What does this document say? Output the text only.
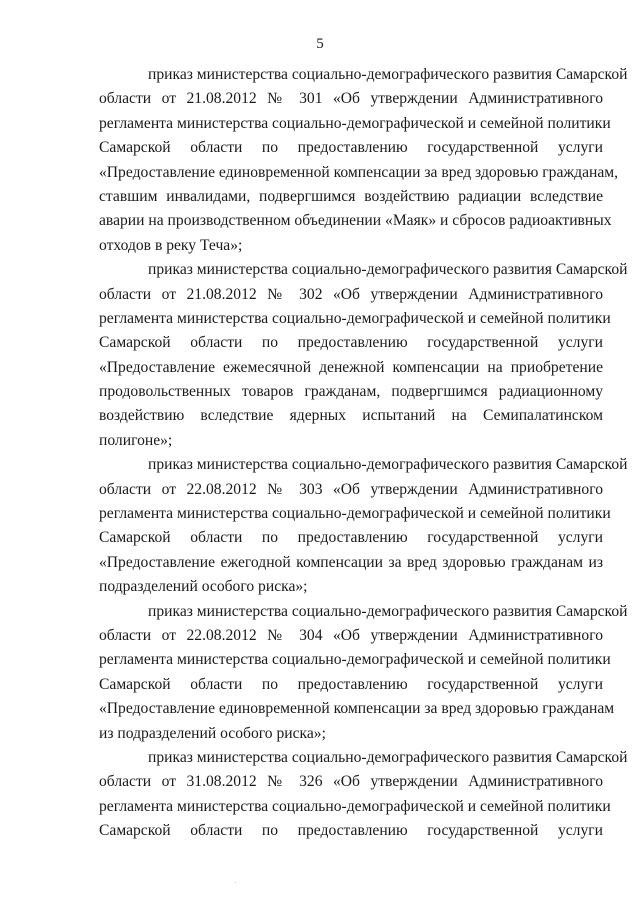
5

приказ министерства социально-демографического развития Самарской
области от 21.08.2012 № 301 «Об утверждении Административного
регламента министерства социально-демографической и семейной политики
Самарской области по предоставлению государственной услуги
«Предоставление единовременной компенсации за вред здоровью гражданам,
ставшим инвалидами, подвергшимся воздействию радиации вследствие
аварии на производственном объединении «Маяк» и сбросов радиоактивных
отходов в реку Теча»;

приказ министерства социально-демографического развития Самарской
области от 21.08.2012 № 302 «Об утверждении Административного
регламента министерства социально-демографической и семейной политики
Самарской области по предоставлению государственной услуги
«Предоставление ежемесячной денежной компенсации на приобретение
продовольственных товаров гражданам, подвергшимся радиационному
воздействию вследствие ядерных испытаний на Семипалатинском
полигоне»;

приказ министерства социально-демографического развития Самарской
области от 22.08.2012 № 303 «Об утверждении Административного
регламента министерства социально-демографической и семейной политики
Самарской области по предоставлению государственной услуги
«Предоставление ежегодной компенсации за вред здоровью гражданам из
подразделений особого риска»;

приказ министерства социально-демографического развития Самарской
области от 22.08.2012 № 304 «Об утверждении Административного
регламента министерства социально-демографической и семейной политики
Самарской области по предоставлению государственной услуги
«Предоставление единовременной компенсации за вред здоровью гражданам
из подразделений особого риска»;

приказ министерства социально-демографического развития Самарской
области от 31.08.2012 № 326 «Об утверждении Административного
регламента министерства социально-демографической и семейной политики
Самарской области по предоставлению государственной услуги
